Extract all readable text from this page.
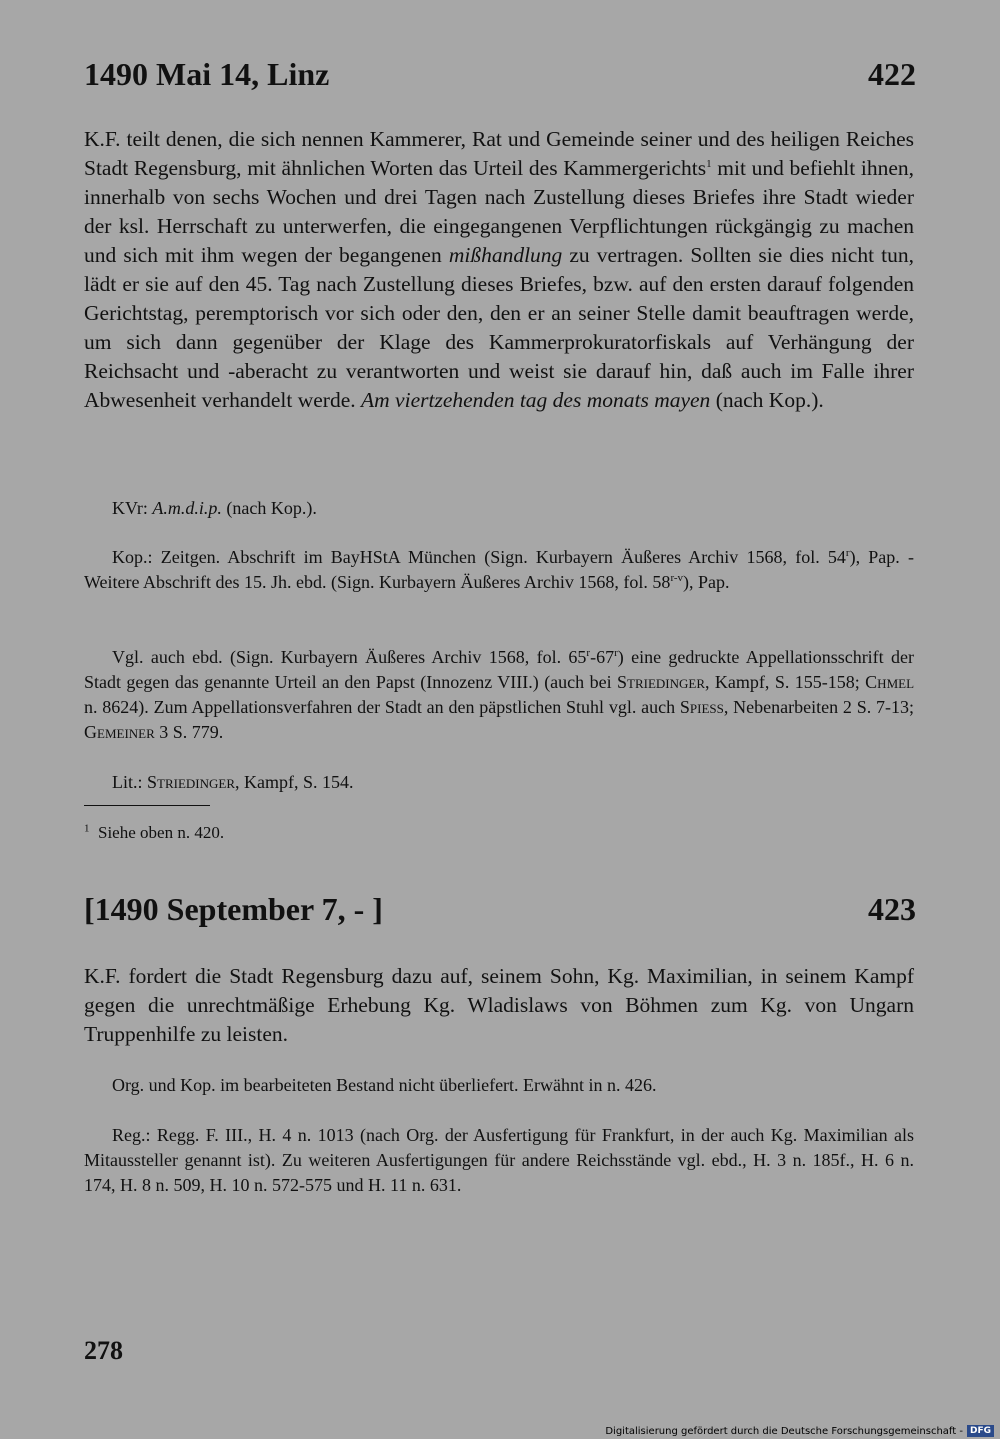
1490 Mai 14, Linz	422
K.F. teilt denen, die sich nennen Kammerer, Rat und Gemeinde seiner und des heiligen Reiches Stadt Regensburg, mit ähnlichen Worten das Urteil des Kammergerichts$^1$ mit und befiehlt ihnen, innerhalb von sechs Wochen und drei Tagen nach Zustellung dieses Briefes ihre Stadt wieder der ksl. Herrschaft zu unterwerfen, die eingegangenen Verpflichtungen rückgängig zu machen und sich mit ihm wegen der begangenen mißhandlung zu vertragen. Sollten sie dies nicht tun, lädt er sie auf den 45. Tag nach Zustellung dieses Briefes, bzw. auf den ersten darauf folgenden Gerichtstag, peremptorisch vor sich oder den, den er an seiner Stelle damit beauftragen werde, um sich dann gegenüber der Klage des Kammerprokuratorfiskals auf Verhängung der Reichsacht und -aberacht zu verantworten und weist sie darauf hin, daß auch im Falle ihrer Abwesenheit verhandelt werde. Am viertzehenden tag des monats mayen (nach Kop.).
KVr: A.m.d.i.p. (nach Kop.).
Kop.: Zeitgen. Abschrift im BayHStA München (Sign. Kurbayern Äußeres Archiv 1568, fol. 54$^r$), Pap. - Weitere Abschrift des 15. Jh. ebd. (Sign. Kurbayern Äußeres Archiv 1568, fol. 58$^{r-v}$), Pap.
Vgl. auch ebd. (Sign. Kurbayern Äußeres Archiv 1568, fol. 65$^r$-67$^r$) eine gedruckte Appellationsschrift der Stadt gegen das genannte Urteil an den Papst (Innozenz VIII.) (auch bei Striedinger, Kampf, S. 155-158; Chmel n. 8624). Zum Appellationsverfahren der Stadt an den päpstlichen Stuhl vgl. auch Spiess, Nebenarbeiten 2 S. 7-13; Gemeiner 3 S. 779.
Lit.: Striedinger, Kampf, S. 154.
$^1$ Siehe oben n. 420.
[1490 September 7, - ]	423
K.F. fordert die Stadt Regensburg dazu auf, seinem Sohn, Kg. Maximilian, in seinem Kampf gegen die unrechtmäßige Erhebung Kg. Wladislaws von Böhmen zum Kg. von Ungarn Truppenhilfe zu leisten.
Org. und Kop. im bearbeiteten Bestand nicht überliefert. Erwähnt in n. 426.
Reg.: Regg. F. III., H. 4 n. 1013 (nach Org. der Ausfertigung für Frankfurt, in der auch Kg. Maximilian als Mitaussteller genannt ist). Zu weiteren Ausfertigungen für andere Reichsstände vgl. ebd., H. 3 n. 185f., H. 6 n. 174, H. 8 n. 509, H. 10 n. 572-575 und H. 11 n. 631.
278
Digitalisierung gefördert durch die Deutsche Forschungsgemeinschaft - DFG
